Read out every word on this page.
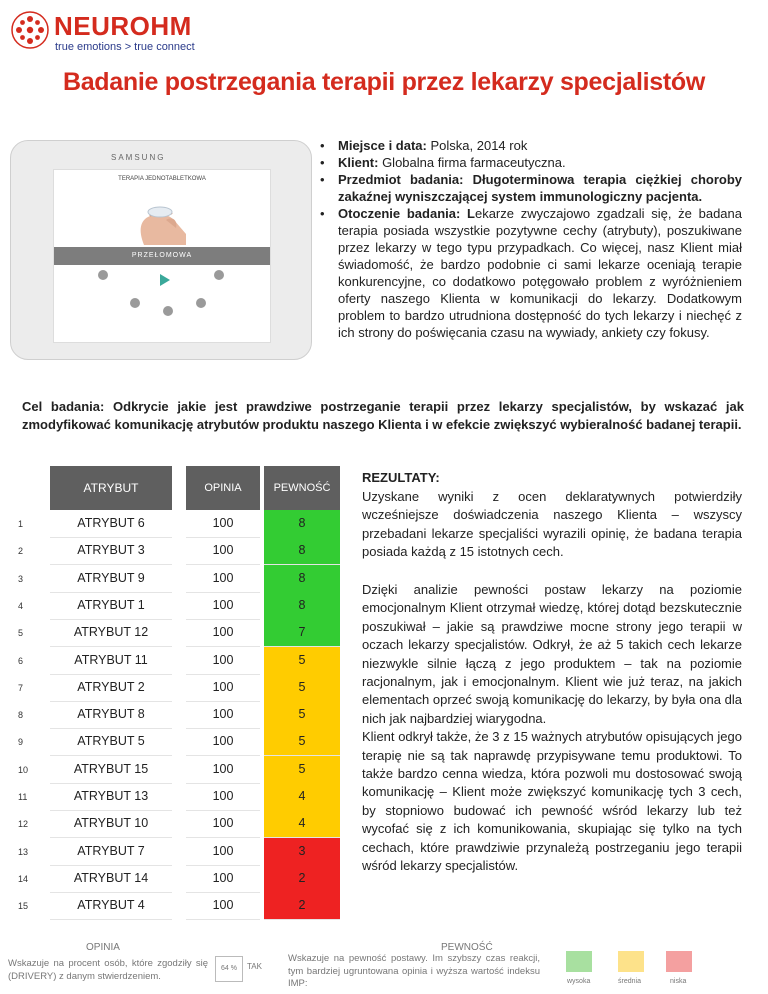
NEUROHM
true emotions > true connect
Badanie postrzegania terapii przez lekarzy specjalistów
SAMSUNG
TERAPIA JEDNOTABLETKOWA
PRZEŁOMOWA
• Miejsce i data: Polska, 2014 rok
• Klient: Globalna firma farmaceutyczna.
• Przedmiot badania: Długoterminowa terapia ciężkiej choroby zakaźnej wyniszczającej system immunologiczny pacjenta.
• Otoczenie badania: Lekarze zwyczajowo zgadzali się, że badana terapia posiada wszystkie pozytywne cechy (atrybuty), poszukiwane przez lekarzy w tego typu przypadkach. Co więcej, nasz Klient miał świadomość, że bardzo podobnie ci sami lekarze oceniają terapie konkurencyjne, co dodatkowo potęgowało problem z wyróżnieniem oferty naszego Klienta w komunikacji do lekarzy. Dodatkowym problem to bardzo utrudniona dostępność do tych lekarzy i niechęć z ich strony do poświęcania czasu na wywiady, ankiety czy fokusy.
Cel badania: Odkrycie jakie jest prawdziwe postrzeganie terapii przez lekarzy specjalistów, by wskazać jak zmodyfikować komunikację atrybutów produktu naszego Klienta i w efekcie zwiększyć wybieralność badanej terapii.
ATRYBUT	OPINIA	PEWNOŚĆ
1	ATRYBUT 6	100	8
2	ATRYBUT 3	100	8
3	ATRYBUT 9	100	8
4	ATRYBUT 1	100	8
5	ATRYBUT 12	100	7
6	ATRYBUT 11	100	5
7	ATRYBUT 2	100	5
8	ATRYBUT 8	100	5
9	ATRYBUT 5	100	5
10	ATRYBUT 15	100	5
11	ATRYBUT 13	100	4
12	ATRYBUT 10	100	4
13	ATRYBUT 7	100	3
14	ATRYBUT 14	100	2
15	ATRYBUT 4	100	2
REZULTATY:
Uzyskane wyniki z ocen deklaratywnych potwierdziły wcześniejsze doświadczenia naszego Klienta – wszyscy przebadani lekarze specjaliści wyrazili opinię, że badana terapia posiada każdą z 15 istotnych cech.
Dzięki analizie pewności postaw lekarzy na poziomie emocjonalnym Klient otrzymał wiedzę, której dotąd bezskutecznie poszukiwał – jakie są prawdziwe mocne strony jego terapii w oczach lekarzy specjalistów. Odkrył, że aż 5 takich cech lekarze niezwykle silnie łączą z jego produktem – tak na poziomie racjonalnym, jak i emocjonalnym. Klient wie już teraz, na jakich elementach oprzeć swoją komunikację do lekarzy, by była ona dla nich jak najbardziej wiarygodna.
Klient odkrył także, że 3 z 15 ważnych atrybutów opisujących jego terapię nie są tak naprawdę przypisywane temu produktowi. To także bardzo cenna wiedza, która pozwoli mu dostosować swoją komunikację – Klient może zwiększyć komunikację tych 3 cech, by stopniowo budować ich pewność wśród lekarzy lub też wycofać się z ich komunikowania, skupiając się tylko na tych cechach, które prawdziwie przynależą postrzeganiu jego terapii wśród lekarzy specjalistów.
OPINIA
Wskazuje na procent osób, które zgodziły się (DRIVERY) z danym stwierdzeniem.
64 %	TAK
PEWNOŚĆ
Wskazuje na pewność postawy. Im szybszy czas reakcji, tym bardziej ugruntowana opinia i wyższa wartość indeksu IMP:	wysoka	średnia	niska
